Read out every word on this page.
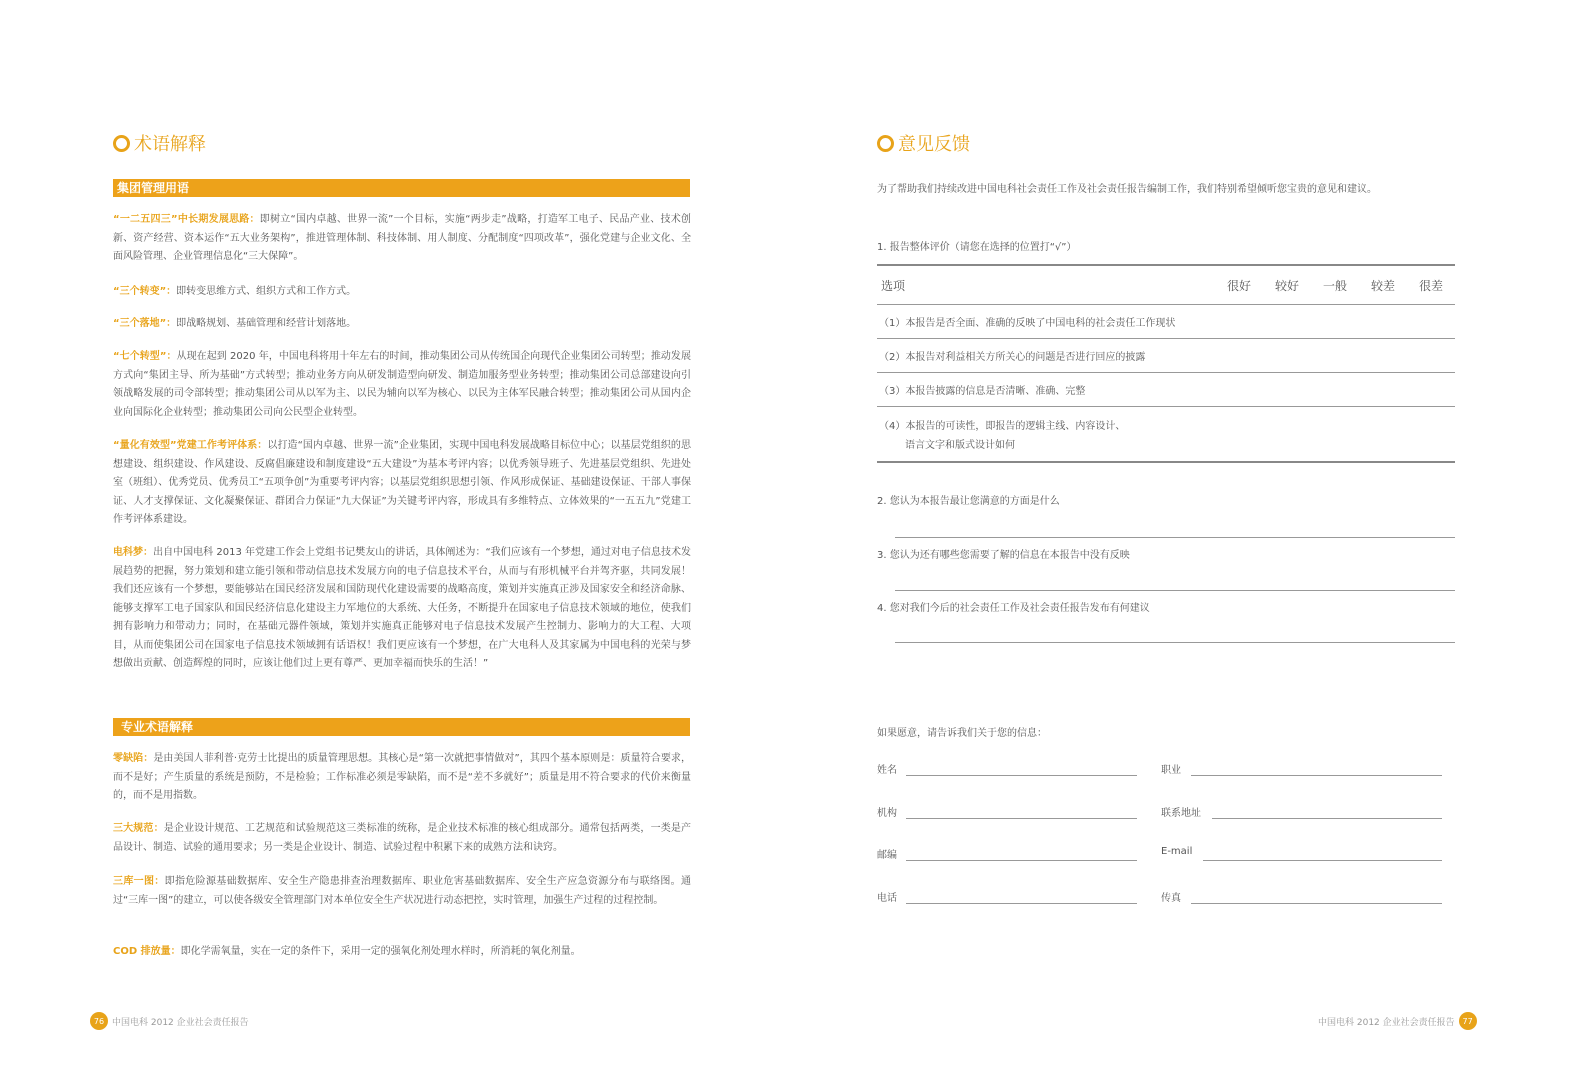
术语解释
集团管理用语

“一二五四三”中长期发展思路：即树立“国内卓越、世界一流”一个目标，实施“两步走”战略，打造军工电子、民品产业、技术创新、资产经营、资本运作“五大业务架构”，推进管理体制、科技体制、用人制度、分配制度“四项改革”，强化党建与企业文化、全面风险管理、企业管理信息化“三大保障”。

“三个转变”：即转变思维方式、组织方式和工作方式。

“三个落地”：即战略规划、基础管理和经营计划落地。

“七个转型”：从现在起到 2020 年，中国电科将用十年左右的时间，推动集团公司从传统国企向现代企业集团公司转型；推动发展方式向“集团主导、所为基础”方式转型；推动业务方向从研发制造型向研发、制造加服务型业务转型；推动集团公司总部建设向引领战略发展的司令部转型；推动集团公司从以军为主、以民为辅向以军为核心、以民为主体军民融合转型；推动集团公司从国内企业向国际化企业转型；推动集团公司向公民型企业转型。

“量化有效型”党建工作考评体系：以打造“国内卓越、世界一流”企业集团，实现中国电科发展战略目标位中心；以基层党组织的思想建设、组织建设、作风建设、反腐倡廉建设和制度建设“五大建设”为基本考评内容；以优秀领导班子、先进基层党组织、先进处室（班组）、优秀党员、优秀员工“五项争创”为重要考评内容；以基层党组织思想引领、作风形成保证、基础建设保证、干部人事保证、人才支撑保证、文化凝聚保证、群团合力保证“九大保证”为关键考评内容，形成具有多维特点、立体效果的“一五五九”党建工作考评体系建设。

电科梦：出自中国电科 2013 年党建工作会上党组书记樊友山的讲话，具体阐述为：“我们应该有一个梦想，通过对电子信息技术发展趋势的把握，努力策划和建立能引领和带动信息技术发展方向的电子信息技术平台，从而与有形机械平台并驾齐驱，共同发展！我们还应该有一个梦想，要能够站在国民经济发展和国防现代化建设需要的战略高度，策划并实施真正涉及国家安全和经济命脉、能够支撑军工电子国家队和国民经济信息化建设主力军地位的大系统、大任务，不断提升在国家电子信息技术领域的地位，使我们拥有影响力和带动力；同时，在基础元器件领域，策划并实施真正能够对电子信息技术发展产生控制力、影响力的大工程、大项目，从而使集团公司在国家电子信息技术领域拥有话语权！我们更应该有一个梦想，在广大电科人及其家属为中国电科的光荣与梦想做出贡献、创造辉煌的同时，应该让他们过上更有尊严、更加幸福而快乐的生活！”

专业术语解释

零缺陷：是由美国人菲利普·克劳士比提出的质量管理思想。其核心是“第一次就把事情做对”，其四个基本原则是：质量符合要求，而不是好；产生质量的系统是预防，不是检验；工作标准必须是零缺陷，而不是“差不多就好”；质量是用不符合要求的代价来衡量的，而不是用指数。

三大规范：是企业设计规范、工艺规范和试验规范这三类标准的统称，是企业技术标准的核心组成部分。通常包括两类，一类是产品设计、制造、试验的通用要求；另一类是企业设计、制造、试验过程中积累下来的成熟方法和诀窍。

三库一图：即指危险源基础数据库、安全生产隐患排查治理数据库、职业危害基础数据库、安全生产应急资源分布与联络图。通过“三库一图”的建立，可以使各级安全管理部门对本单位安全生产状况进行动态把控，实时管理，加强生产过程的过程控制。

COD 排放量：即化学需氧量，实在一定的条件下，采用一定的强氧化剂处理水样时，所消耗的氧化剂量。

76 中国电科 2012 企业社会责任报告
意见反馈
为了帮助我们持续改进中国电科社会责任工作及社会责任报告编制工作，我们特别希望倾听您宝贵的意见和建议。
1. 报告整体评价（请您在选择的位置打“√”）
选项	很好	较好	一般	较差	很差
（1）本报告是否全面、准确的反映了中国电科的社会责任工作现状
（2）本报告对利益相关方所关心的问题是否进行回应的披露
（3）本报告披露的信息是否清晰、准确、完整
（4）本报告的可读性，即报告的逻辑主线、内容设计、
语言文字和版式设计如何
2. 您认为本报告最让您满意的方面是什么
3. 您认为还有哪些您需要了解的信息在本报告中没有反映
4. 您对我们今后的社会责任工作及社会责任报告发布有何建议
如果愿意，请告诉我们关于您的信息：
姓名	职业
机构	联系地址
邮编	E-mail
电话	传真
中国电科 2012 企业社会责任报告 77
